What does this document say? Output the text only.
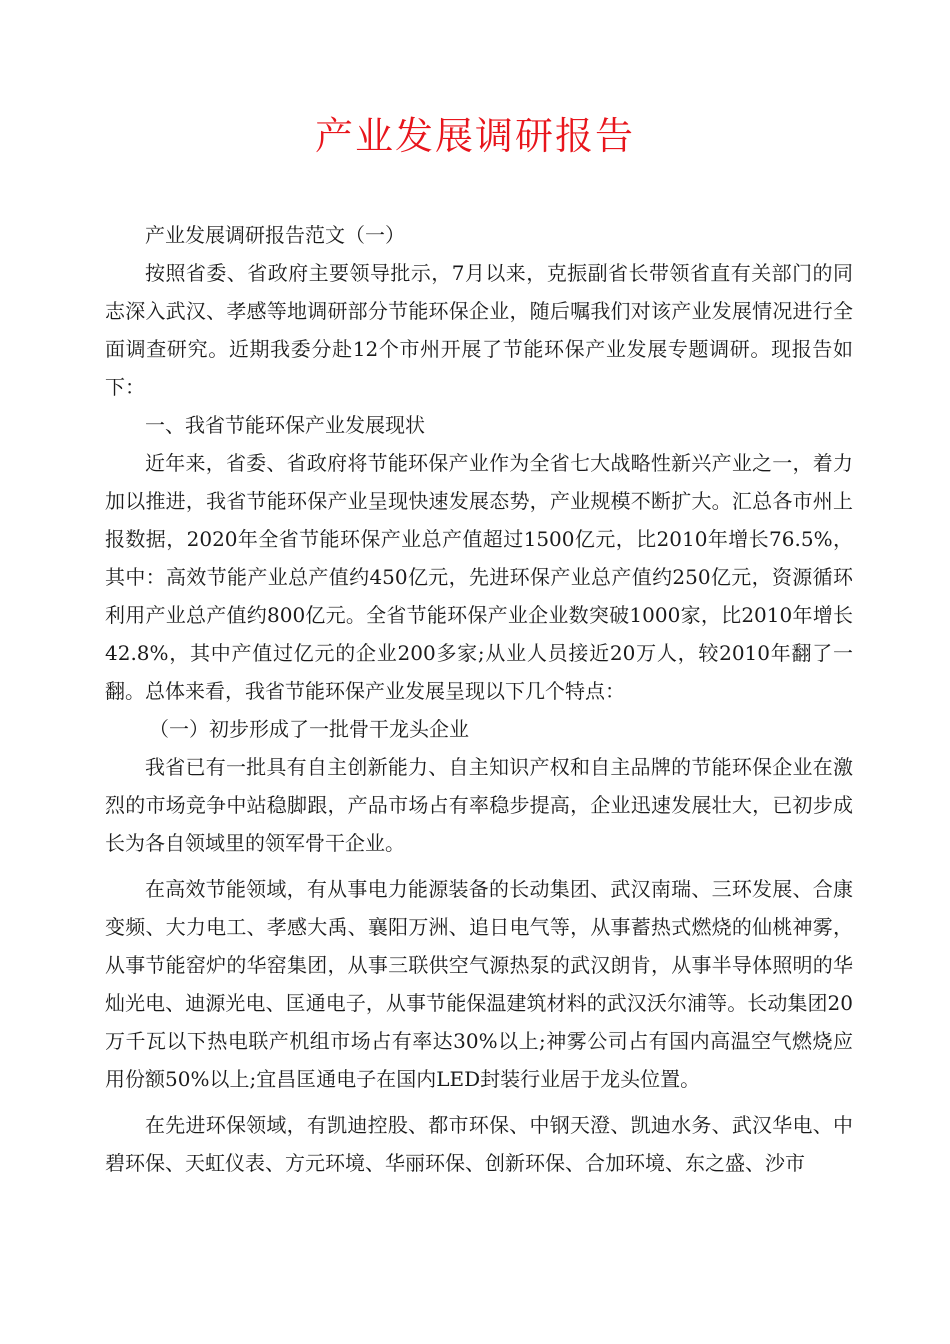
产业发展调研报告

产业发展调研报告范文（一）

按照省委、省政府主要领导批示，7月以来，克振副省长带领省直有关部门的同志深入武汉、孝感等地调研部分节能环保企业，随后嘱我们对该产业发展情况进行全面调查研究。近期我委分赴12个市州开展了节能环保产业发展专题调研。现报告如下：

一、我省节能环保产业发展现状

近年来，省委、省政府将节能环保产业作为全省七大战略性新兴产业之一，着力加以推进，我省节能环保产业呈现快速发展态势，产业规模不断扩大。汇总各市州上报数据，2020年全省节能环保产业总产值超过1500亿元，比2010年增长76.5%，其中：高效节能产业总产值约450亿元，先进环保产业总产值约250亿元，资源循环利用产业总产值约800亿元。全省节能环保产业企业数突破1000家，比2010年增长42.8%，其中产值过亿元的企业200多家;从业人员接近20万人，较2010年翻了一翻。总体来看，我省节能环保产业发展呈现以下几个特点：

（一）初步形成了一批骨干龙头企业

我省已有一批具有自主创新能力、自主知识产权和自主品牌的节能环保企业在激烈的市场竞争中站稳脚跟，产品市场占有率稳步提高，企业迅速发展壮大，已初步成长为各自领域里的领军骨干企业。

在高效节能领域，有从事电力能源装备的长动集团、武汉南瑞、三环发展、合康变频、大力电工、孝感大禹、襄阳万洲、追日电气等，从事蓄热式燃烧的仙桃神雾，从事节能窑炉的华窑集团，从事三联供空气源热泵的武汉朗肯，从事半导体照明的华灿光电、迪源光电、匡通电子，从事节能保温建筑材料的武汉沃尔浦等。长动集团20万千瓦以下热电联产机组市场占有率达30%以上;神雾公司占有国内高温空气燃烧应用份额50%以上;宜昌匡通电子在国内LED封装行业居于龙头位置。

在先进环保领域，有凯迪控股、都市环保、中钢天澄、凯迪水务、武汉华电、中碧环保、天虹仪表、方元环境、华丽环保、创新环保、合加环境、东之盛、沙市
